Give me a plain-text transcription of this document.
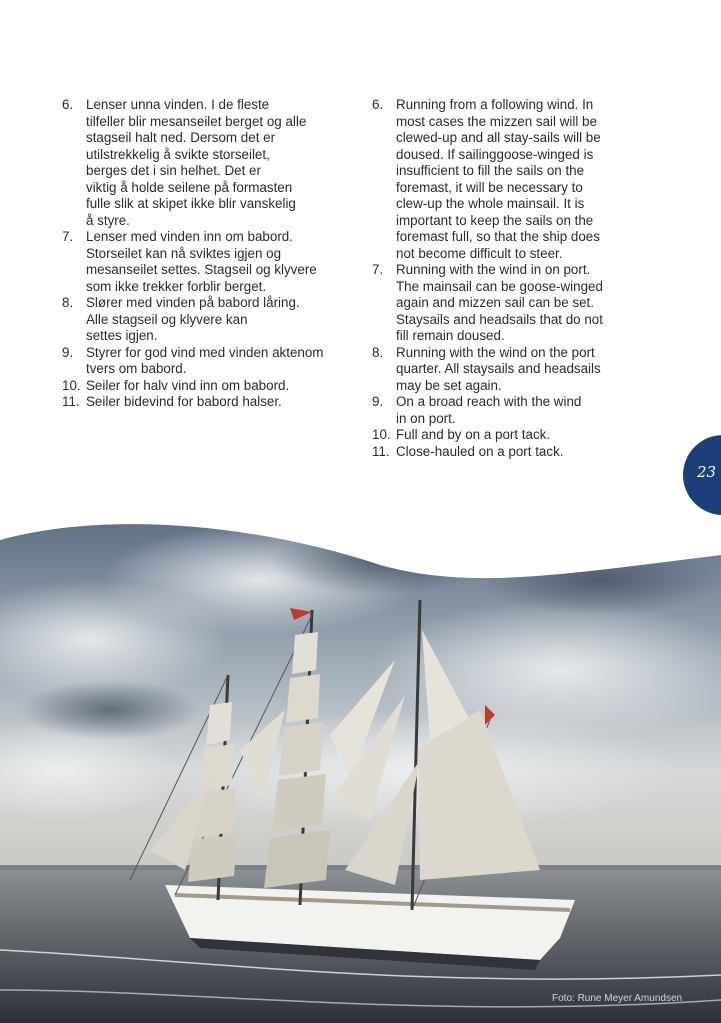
6. Lenser unna vinden. I de fleste
tilfeller blir mesanseilet berget og alle
stagseil halt ned. Dersom det er
utilstrekkelig å svikte storseilet,
berges det i sin helhet. Det er
viktig å holde seilene på formasten
fulle slik at skipet ikke blir vanskelig
å styre.
7. Lenser med vinden inn om babord.
Storseilet kan nå sviktes igjen og
mesanseilet settes. Stagseil og klyvere
som ikke trekker forblir berget.
8. Slører med vinden på babord låring.
Alle stagseil og klyvere kan
settes igjen.
9. Styrer for god vind med vinden aktenom
tvers om babord.
10. Seiler for halv vind inn om babord.
11. Seiler bidevind for babord halser.
6. Running from a following wind. In
most cases the mizzen sail will be
clewed-up and all stay-sails will be
doused. If sailinggoose-winged is
insufficient to fill the sails on the
foremast, it will be necessary to
clew-up the whole mainsail. It is
important to keep the sails on the
foremast full, so that the ship does
not become difficult to steer.
7. Running with the wind in on port.
The mainsail can be goose-winged
again and mizzen sail can be set.
Staysails and headsails that do not
fill remain doused.
8. Running with the wind on the port
quarter. All staysails and headsails
may be set again.
9. On a broad reach with the wind
in on port.
10. Full and by on a port tack.
11. Close-hauled on a port tack.
23
Foto: Rune Meyer Amundsen
